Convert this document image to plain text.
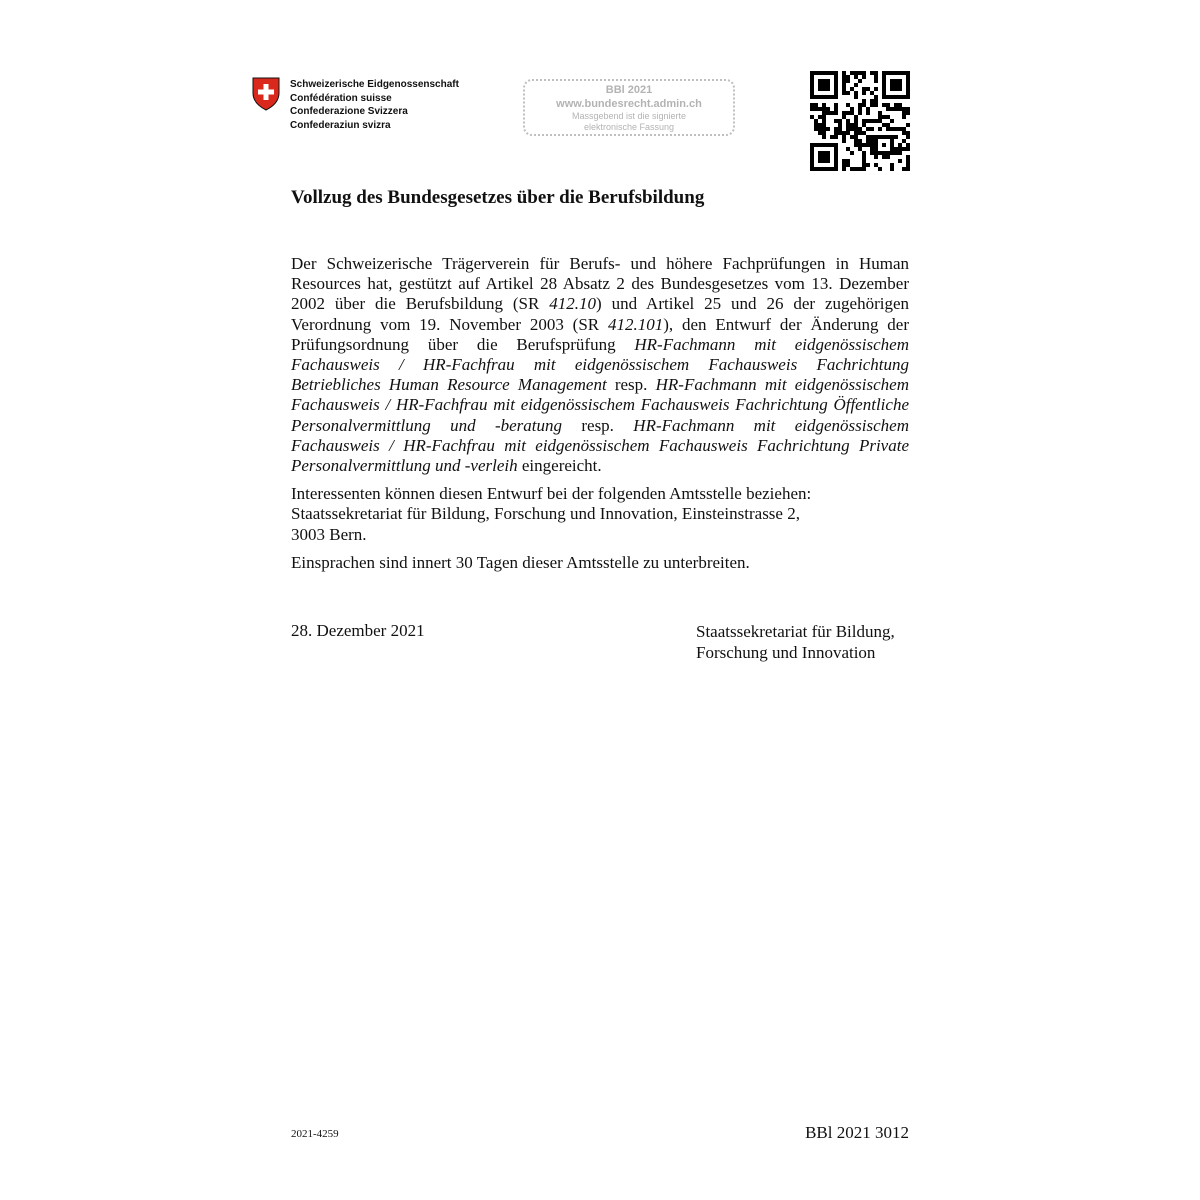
Schweizerische Eidgenossenschaft
Confédération suisse
Confederazione Svizzera
Confederaziun svizra
BBl 2021
www.bundesrecht.admin.ch
Massgebend ist die signierte
elektronische Fassung
Vollzug des Bundesgesetzes über die Berufsbildung

Der Schweizerische Trägerverein für Berufs- und höhere Fachprüfungen in Human Resources hat, gestützt auf Artikel 28 Absatz 2 des Bundesgesetzes vom 13. Dezember 2002 über die Berufsbildung (SR 412.10) und Artikel 25 und 26 der zugehörigen Verordnung vom 19. November 2003 (SR 412.101), den Entwurf der Änderung der Prüfungsordnung über die Berufsprüfung HR-Fachmann mit eidgenössischem Fachausweis / HR-Fachfrau mit eidgenössischem Fachausweis Fachrichtung Betriebliches Human Resource Management resp. HR-Fachmann mit eidgenössischem Fachausweis / HR-Fachfrau mit eidgenössischem Fachausweis Fachrichtung Öffentliche Personalvermittlung und -beratung resp. HR-Fachmann mit eidgenössischem Fachausweis / HR-Fachfrau mit eidgenössischem Fachausweis Fachrichtung Private Personalvermittlung und -verleih eingereicht.

Interessenten können diesen Entwurf bei der folgenden Amtsstelle beziehen:
Staatssekretariat für Bildung, Forschung und Innovation, Einsteinstrasse 2,
3003 Bern.

Einsprachen sind innert 30 Tagen dieser Amtsstelle zu unterbreiten.

28. Dezember 2021	Staatssekretariat für Bildung,
Forschung und Innovation
2021-4259	BBl 2021 3012
